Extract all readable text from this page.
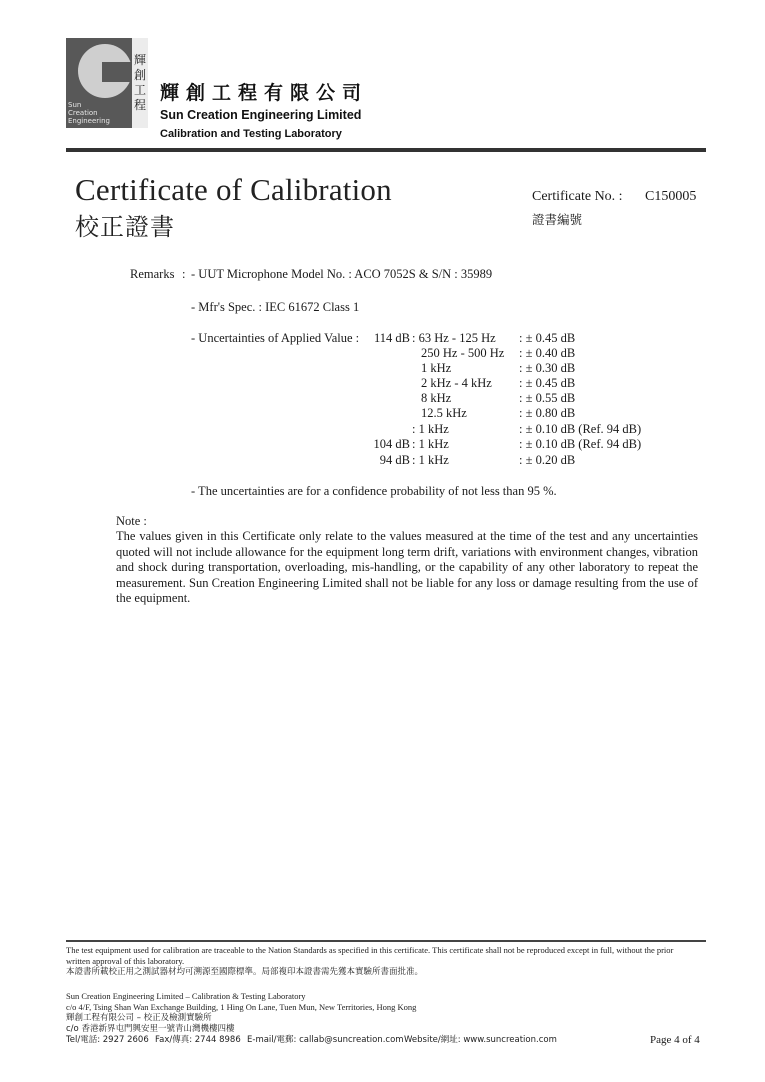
輝
創
工
程
Sun
Creation
Engineering
輝創工程有限公司
Sun Creation Engineering Limited
Calibration and Testing Laboratory
Certificate of Calibration
校正證書
Certificate No. : C150005
證書編號
Remarks : - UUT Microphone Model No. : ACO 7052S & S/N : 35989
- Mfr's Spec. : IEC 61672 Class 1
- Uncertainties of Applied Value :	114 dB : 63 Hz - 125 Hz : ± 0.45 dB
250 Hz - 500 Hz : ± 0.40 dB
1 kHz	: ± 0.30 dB
2 kHz - 4 kHz : ± 0.45 dB
8 kHz	: ± 0.55 dB
12.5 kHz	: ± 0.80 dB
: 1 kHz	: ± 0.10 dB (Ref. 94 dB)
104 dB : 1 kHz	: ± 0.10 dB (Ref. 94 dB)
94 dB : 1 kHz	: ± 0.20 dB
- The uncertainties are for a confidence probability of not less than 95 %.
Note :
The values given in this Certificate only relate to the values measured at the time of the test and any uncertainties quoted will not include allowance for the equipment long term drift, variations with environment changes, vibration and shock during transportation, overloading, mis-handling, or the capability of any other laboratory to repeat the measurement. Sun Creation Engineering Limited shall not be liable for any loss or damage resulting from the use of the equipment.
The test equipment used for calibration are traceable to the Nation Standards as specified in this certificate. This certificate shall not be reproduced except in full, without the prior
written approval of this laboratory.
本證書所載校正用之測試器材均可溯源至國際標準。局部複印本證書需先獲本實驗所書面批准。
Sun Creation Engineering Limited – Calibration & Testing Laboratory
c/o 4/F, Tsing Shan Wan Exchange Building, 1 Hing On Lane, Tuen Mun, New Territories, Hong Kong
輝創工程有限公司 – 校正及檢測實驗所
c/o 香港新界屯門興安里一號青山灣機樓四樓
Tel/電話: 2927 2606 Fax/傳真: 2744 8986 E-mail/電郵: callab@suncreation.com Website/網址: www.suncreation.com	Page 4 of 4
